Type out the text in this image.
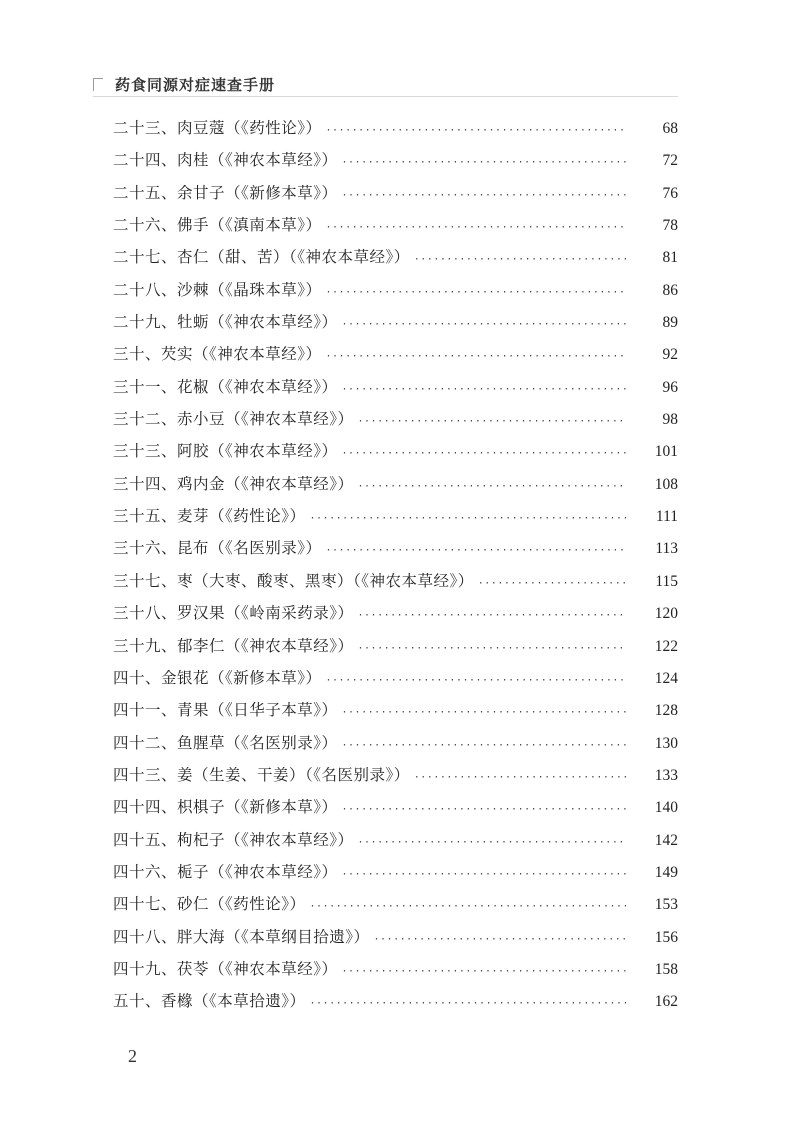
药食同源对症速查手册
二十三、肉豆蔻（《药性论》） ·····	68
二十四、肉桂（《神农本草经》） ·····	72
二十五、余甘子（《新修本草》） ·····	76
二十六、佛手（《滇南本草》） ·····	78
二十七、杏仁（甜、苦）（《神农本草经》） ·····	81
二十八、沙棘（《晶珠本草》） ·····	86
二十九、牡蛎（《神农本草经》） ·····	89
三十、芡实（《神农本草经》） ·····	92
三十一、花椒（《神农本草经》） ·····	96
三十二、赤小豆（《神农本草经》） ·····	98
三十三、阿胶（《神农本草经》） ·····	101
三十四、鸡内金（《神农本草经》） ·····	108
三十五、麦芽（《药性论》） ·····	111
三十六、昆布（《名医别录》） ·····	113
三十七、枣（大枣、酸枣、黑枣）（《神农本草经》） ·····	115
三十八、罗汉果（《岭南采药录》） ·····	120
三十九、郁李仁（《神农本草经》） ·····	122
四十、金银花（《新修本草》） ·····	124
四十一、青果（《日华子本草》） ·····	128
四十二、鱼腥草（《名医别录》） ·····	130
四十三、姜（生姜、干姜）（《名医别录》） ·····	133
四十四、枳椇子（《新修本草》） ·····	140
四十五、枸杞子（《神农本草经》） ·····	142
四十六、栀子（《神农本草经》） ·····	149
四十七、砂仁（《药性论》） ·····	153
四十八、胖大海（《本草纲目拾遗》） ·····	156
四十九、茯苓（《神农本草经》） ·····	158
五十、香橼（《本草拾遗》） ·····	162
2
